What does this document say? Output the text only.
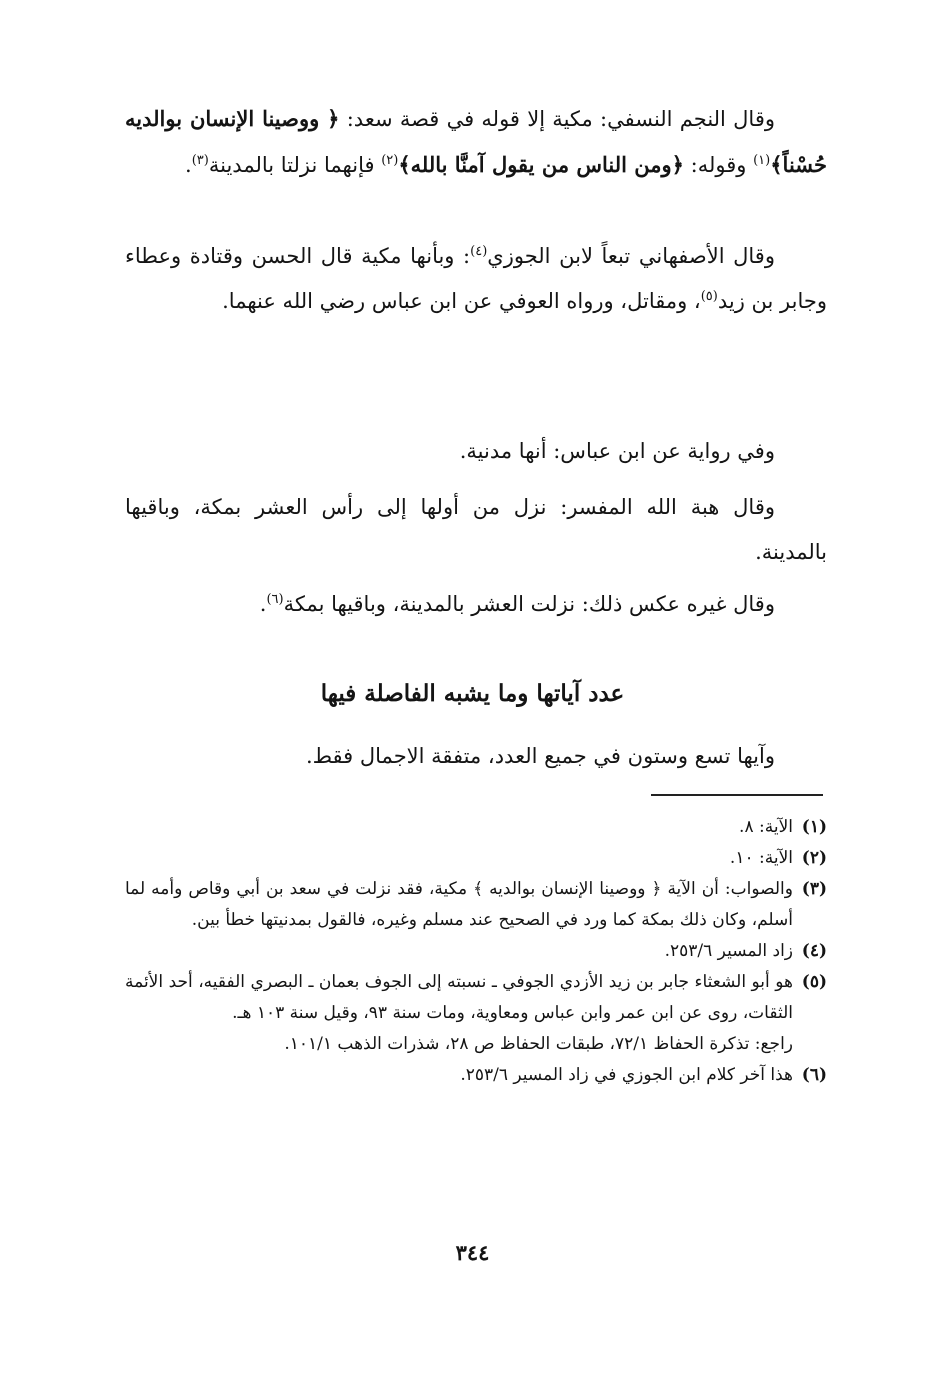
وقال النجم النسفي: مكية إلا قوله في قصة سعد: ﴿ ووصينا الإنسان بوالديه حُسْناً﴾$^{(١)}$ وقوله: ﴿ومن الناس من يقول آمنَّا بالله﴾$^{(٢)}$ فإنهما نزلتا بالمدينة$^{(٣)}$.

وقال الأصفهاني تبعاً لابن الجوزي$^{(٤)}$: وبأنها مكية قال الحسن وقتادة وعطاء وجابر بن زيد$^{(٥)}$، ومقاتل، ورواه العوفي عن ابن عباس رضي الله عنهما.

وفي رواية عن ابن عباس: أنها مدنية.

وقال هبة الله المفسر: نزل من أولها إلى رأس العشر بمكة، وباقيها بالمدينة.

وقال غيره عكس ذلك: نزلت العشر بالمدينة، وباقيها بمكة$^{(٦)}$.

عدد آياتها وما يشبه الفاصلة فيها

وآيها تسع وستون في جميع العدد، متفقة الاجمال فقط.

(١)
الآية: ٨.

(٢)
الآية: ١٠.

(٣)
والصواب: أن الآية ﴿ ووصينا الإنسان بوالديه ﴾ مكية، فقد نزلت في سعد بن أبي وقاص وأمه لما أسلم، وكان ذلك بمكة كما ورد في الصحيح عند مسلم وغيره، فالقول بمدنيتها خطأ بين.

(٤)
زاد المسير ٢٥٣/٦.

(٥)
هو أبو الشعثاء جابر بن زيد الأزدي الجوفي ـ نسبته إلى الجوف بعمان ـ البصري الفقيه، أحد الأئمة الثقات، روى عن ابن عمر وابن عباس ومعاوية، ومات سنة ٩٣، وقيل سنة ١٠٣ هـ.

راجع: تذكرة الحفاظ ٧٢/١، طبقات الحفاظ ص ٢٨، شذرات الذهب ١٠١/١.

(٦)
هذا آخر كلام ابن الجوزي في زاد المسير ٢٥٣/٦.

٣٤٤
